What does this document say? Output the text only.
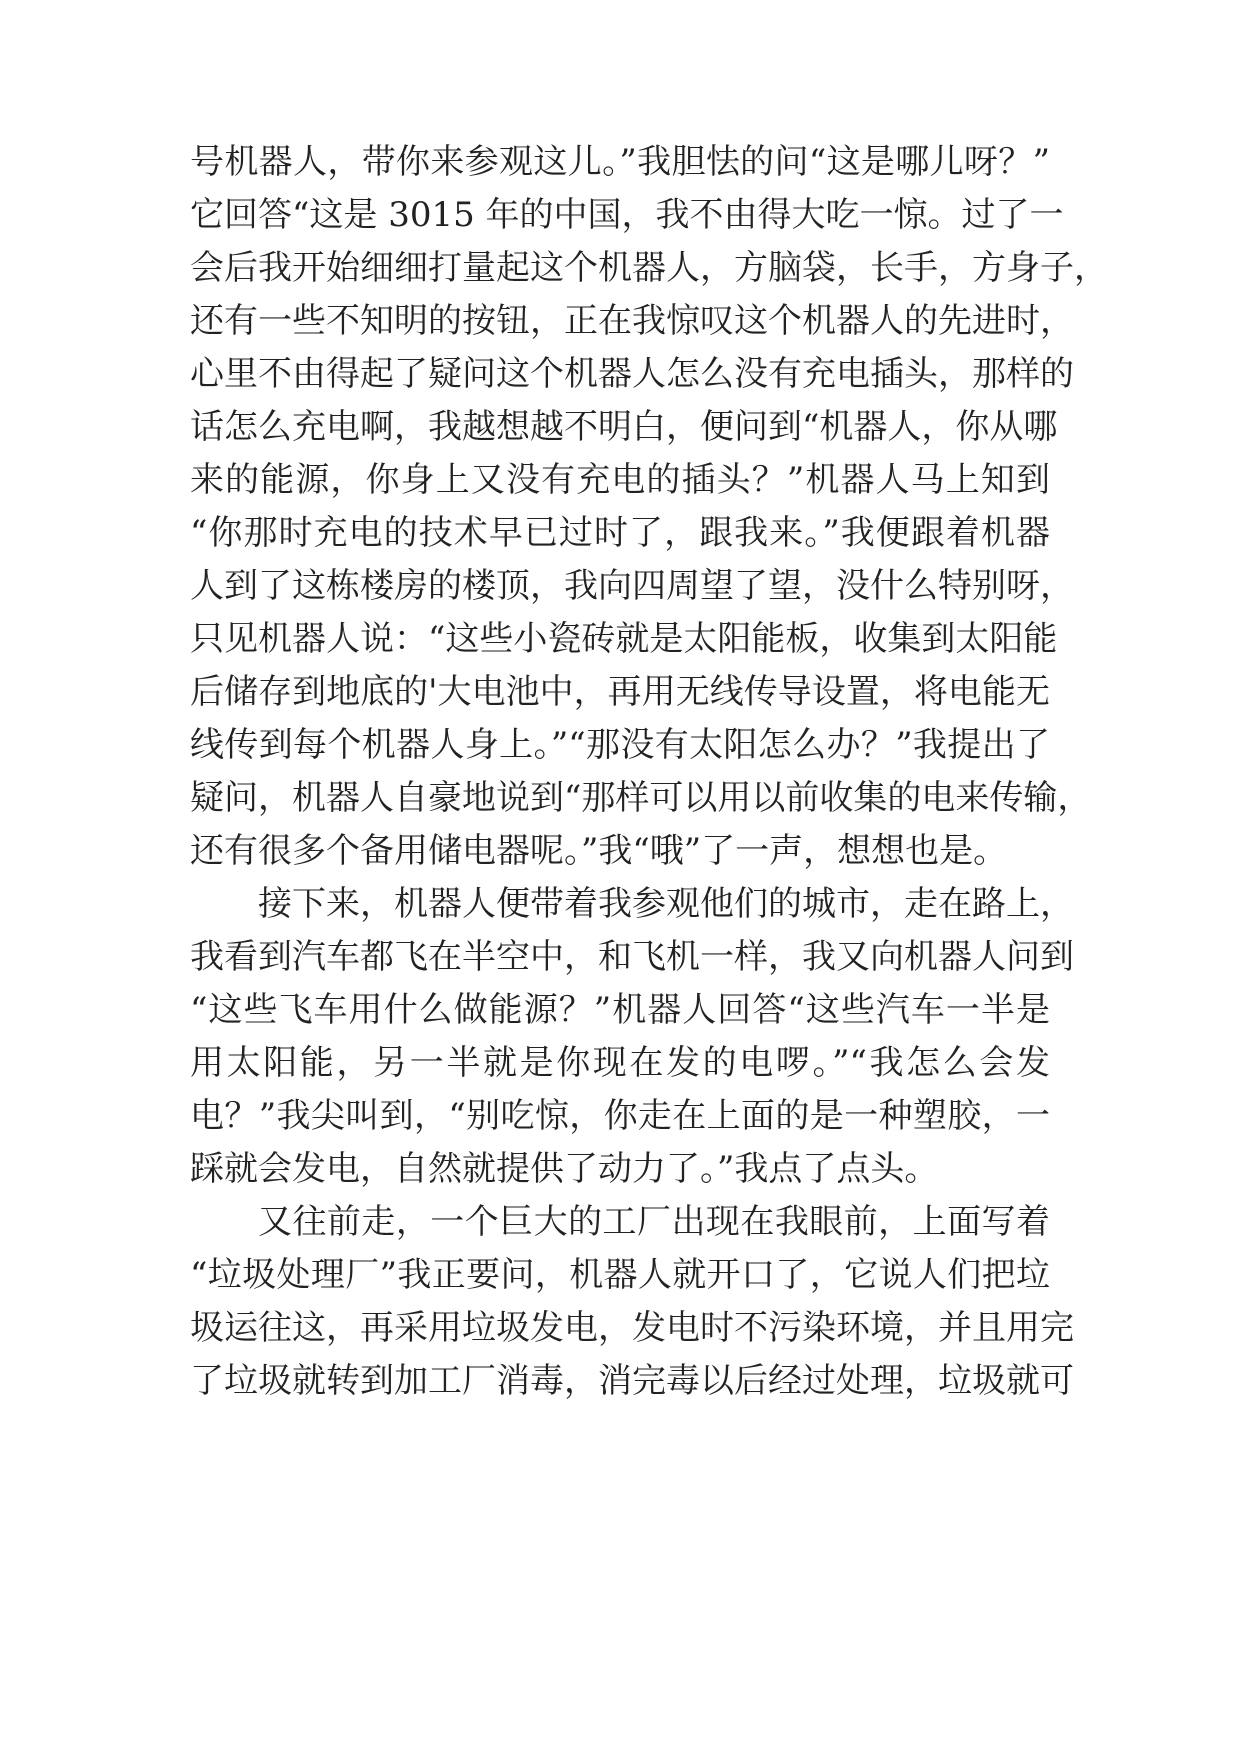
号机器人，带你来参观这儿。”我胆怯的问“这是哪儿呀？”
它回答“这是 3015 年的中国，我不由得大吃一惊。过了一
会后我开始细细打量起这个机器人，方脑袋，长手，方身子，
还有一些不知明的按钮，正在我惊叹这个机器人的先进时，
心里不由得起了疑问这个机器人怎么没有充电插头，那样的
话怎么充电啊，我越想越不明白，便问到“机器人，你从哪
来的能源，你身上又没有充电的插头？”机器人马上知到
“你那时充电的技术早已过时了，跟我来。”我便跟着机器
人到了这栋楼房的楼顶，我向四周望了望，没什么特别呀，
只见机器人说：“这些小瓷砖就是太阳能板，收集到太阳能
后储存到地底的'大电池中，再用无线传导设置，将电能无
线传到每个机器人身上。”“那没有太阳怎么办？”我提出了
疑问，机器人自豪地说到“那样可以用以前收集的电来传输，
还有很多个备用储电器呢。”我“哦”了一声，想想也是。
接下来，机器人便带着我参观他们的城市，走在路上，
我看到汽车都飞在半空中，和飞机一样，我又向机器人问到
“这些飞车用什么做能源？”机器人回答“这些汽车一半是
用太阳能，另一半就是你现在发的电啰。”“我怎么会发
电？”我尖叫到，“别吃惊，你走在上面的是一种塑胶，一
踩就会发电，自然就提供了动力了。”我点了点头。
又往前走，一个巨大的工厂出现在我眼前，上面写着
“垃圾处理厂”我正要问，机器人就开口了，它说人们把垃
圾运往这，再采用垃圾发电，发电时不污染环境，并且用完
了垃圾就转到加工厂消毒，消完毒以后经过处理，垃圾就可
